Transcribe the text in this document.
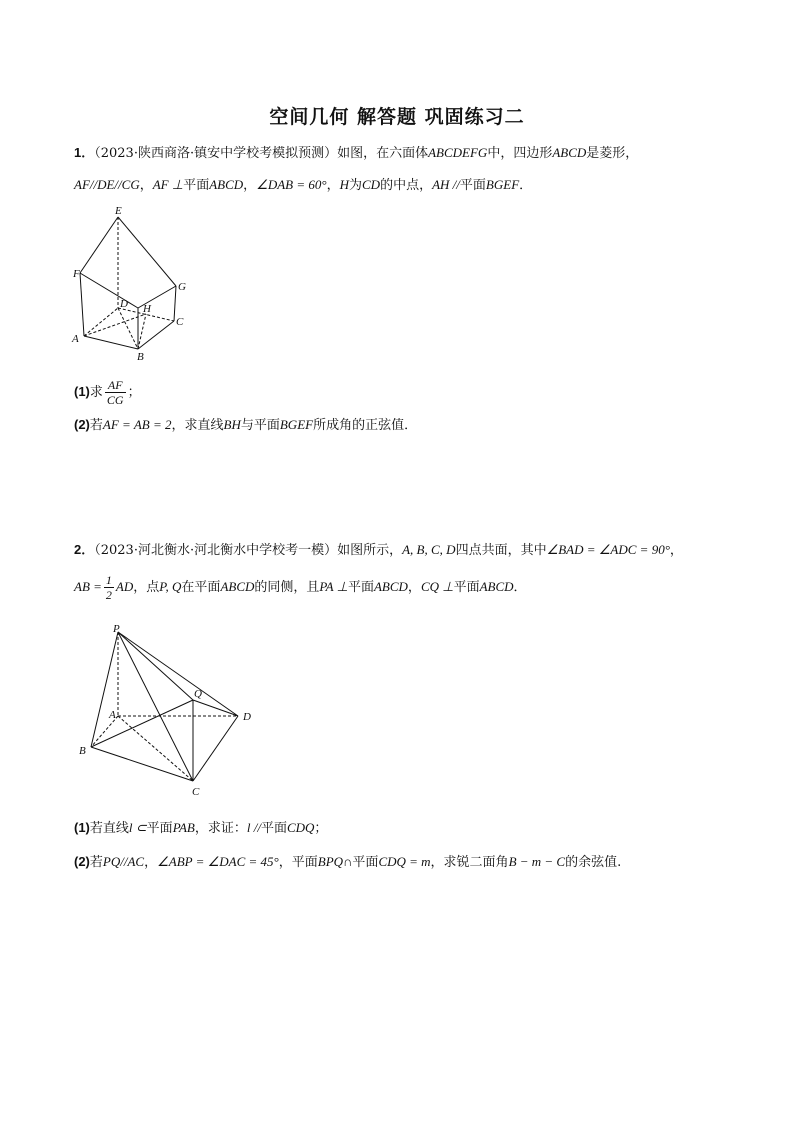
空间几何 解答题 巩固练习二
1．（2023·陕西商洛·镇安中学校考模拟预测）如图，在六面体ABCDEFG中，四边形ABCD是菱形，
AF//DE//CG，AF ⊥平面ABCD，∠DAB = 60°，H为CD的中点，AH //平面BGEF．
E
F
G
D H
C
A
B
(1)求 $\frac{AF}{CG}$ ；
(2)若AF = AB = 2，求直线BH与平面BGEF所成角的正弦值．
2．（2023·河北衡水·河北衡水中学校考一模）如图所示，A, B, C, D四点共面，其中∠BAD = ∠ADC = 90°，
AB = $\frac{1}{2}$ AD，点P, Q在平面ABCD的同侧，且PA ⊥平面ABCD，CQ ⊥平面ABCD．
P
Q
A	D
B
C
(1)若直线l ⊂平面PAB，求证：l //平面CDQ；
(2)若PQ//AC，∠ABP = ∠DAC = 45°，平面BPQ∩平面CDQ = m，求锐二面角B − m − C的余弦值.
